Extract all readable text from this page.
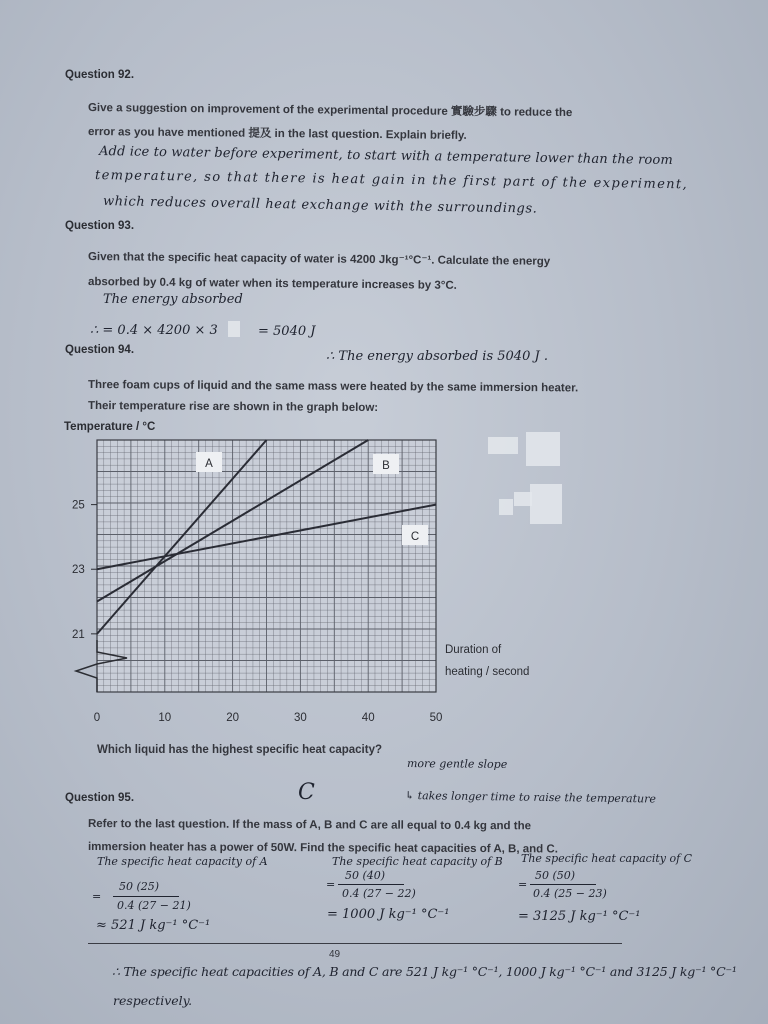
Question 92.
Give a suggestion on improvement of the experimental procedure 實驗步驟 to reduce the
error as you have mentioned 提及 in the last question. Explain briefly.
Add ice to water before experiment, to start with a temperature lower than the room
temperature, so that there is heat gain in the first part of the experiment,
which reduces overall heat exchange with the surroundings.
Question 93.
Given that the specific heat capacity of water is 4200 Jkg⁻¹°C⁻¹. Calculate the energy
absorbed by 0.4 kg of water when its temperature increases by 3°C.
The energy absorbed
∴ = 0.4 × 4200 × 3	= 5040 J
∴ The energy absorbed is 5040 J .
Question 94.
Three foam cups of liquid and the same mass were heated by the same immersion heater.
Their temperature rise are shown in the graph below:
Temperature / °C
21
23
25
0	10	20	30	40	50
Duration of
heating / second
A	B
C
Which liquid has the highest specific heat capacity?
C
more gentle slope
↳ takes longer time to raise the temperature
Question 95.
Refer to the last question. If the mass of A, B and C are all equal to 0.4 kg and the
immersion heater has a power of 50W. Find the specific heat capacities of A, B, and C.
The specific heat capacity of A
50 (25)
=
0.4 (27 − 21)
≈ 521 J kg⁻¹ °C⁻¹
The specific heat capacity of B
50 (40)
=
0.4 (27 − 22)
= 1000 J kg⁻¹ °C⁻¹
The specific heat capacity of C
50 (50)
=
0.4 (25 − 23)
= 3125 J kg⁻¹ °C⁻¹
49
∴ The specific heat capacities of A, B and C are 521 J kg⁻¹ °C⁻¹, 1000 J kg⁻¹ °C⁻¹ and 3125 J kg⁻¹ °C⁻¹
respectively.
